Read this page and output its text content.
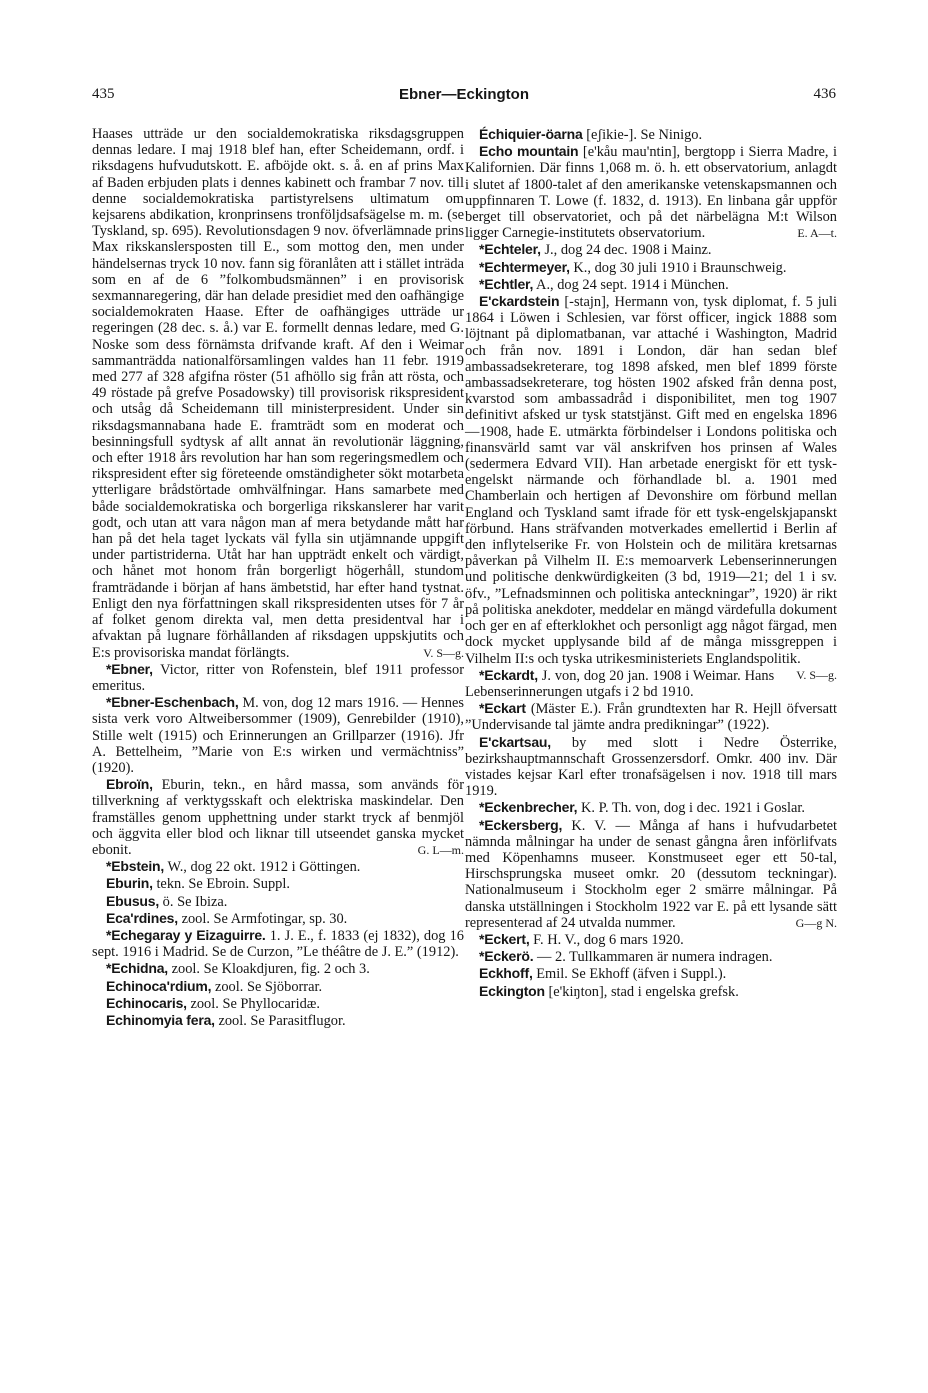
435	Ebner—Eckington	436

Haases utträde ur den socialdemokratiska riksdagsgruppen dennas ledare. I maj 1918 blef han, efter Scheidemann, ordf. i riksdagens hufvudutskott. E. afböjde okt. s. å. en af prins Max af Baden erbjuden plats i dennes kabinett och frambar 7 nov. till denne socialdemokratiska partistyrelsens ultimatum om kejsarens abdikation, kronprinsens tronföljdsafsägelse m. m. (se Tyskland, sp. 695). Revolutionsdagen 9 nov. öfverlämnade prins Max rikskanslersposten till E., som mottog den, men under händelsernas tryck 10 nov. fann sig föranlåten att i stället inträda som en af de 6 ”folkombudsmännen” i en provisorisk sexmannaregering, där han delade presidiet med den oafhängige socialdemokraten Haase. Efter de oafhängiges utträde ur regeringen (28 dec. s. å.) var E. formellt dennas ledare, med G. Noske som dess förnämsta drifvande kraft. Af den i Weimar sammanträdda nationalförsamlingen valdes han 11 febr. 1919 med 277 af 328 afgifna röster (51 afhöllo sig från att rösta, och 49 röstade på grefve Posadowsky) till provisorisk rikspresident och utsåg då Scheidemann till ministerpresident. Under sin riksdagsmannabana hade E. framträdt som en moderat och besinningsfull sydtysk af allt annat än revolutionär läggning, och efter 1918 års revolution har han som regeringsmedlem och rikspresident efter sig företeende omständigheter sökt motarbeta ytterligare brådstörtade omhvälfningar. Hans samarbete med både socialdemokratiska och borgerliga rikskanslerer har varit godt, och utan att vara någon man af mera betydande mått har han på det hela taget lyckats väl fylla sin utjämnande uppgift under partistriderna. Utåt har han uppträdt enkelt och värdigt, och hånet mot honom från borgerligt högerhåll, stundom framträdande i början af hans ämbetstid, har efter hand tystnat. Enligt den nya författningen skall rikspresidenten utses för 7 år af folket genom direkta val, men detta presidentval har i afvaktan på lugnare förhållanden af riksdagen uppskjutits och E:s provisoriska mandat förlängts.	V. S—g.

*Ebner, Victor, ritter von Rofenstein, blef 1911 professor emeritus.

*Ebner-Eschenbach, M. von, dog 12 mars 1916. — Hennes sista verk voro Altweibersommer (1909), Genrebilder (1910), Stille welt (1915) och Erinnerungen an Grillparzer (1916). Jfr A. Bettelheim, ”Marie von E:s wirken und vermächtniss” (1920).

Ebroïn, Eburin, tekn., en hård massa, som används för tillverkning af verktygsskaft och elektriska maskindelar. Den framställes genom upphettning under starkt tryck af benmjöl och äggvita eller blod och liknar till utseendet ganska mycket ebonit.	G. L—m.

*Ebstein, W., dog 22 okt. 1912 i Göttingen.

Eburin, tekn. Se Ebroin. Suppl.

Ebusus, ö. Se Ibiza.

Eca'rdines, zool. Se Armfotingar, sp. 30.

*Echegaray y Eizaguirre. 1. J. E., f. 1833 (ej 1832), dog 16 sept. 1916 i Madrid. Se de Curzon, ”Le théâtre de J. E.” (1912).

*Echidna, zool. Se Kloakdjuren, fig. 2 och 3.

Echinoca'rdium, zool. Se Sjöborrar.

Echinocaris, zool. Se Phyllocaridæ.

Echinomyia fera, zool. Se Parasitflugor.

Échiquier-öarna [eʃikie-]. Se Ninigo.

Echo mountain [e'kåu mau'ntin], bergtopp i Sierra Madre, i Kalifornien. Där finns 1,068 m. ö. h. ett observatorium, anlagdt i slutet af 1800-talet af den amerikanske vetenskapsmannen och uppfinnaren T. Lowe (f. 1832, d. 1913). En linbana går uppför berget till observatoriet, och på det närbelägna M:t Wilson ligger Carnegie-institutets observatorium.	E. A—t.

*Echteler, J., dog 24 dec. 1908 i Mainz.

*Echtermeyer, K., dog 30 juli 1910 i Braunschweig.

*Echtler, A., dog 24 sept. 1914 i München.

E'ckardstein [-stajn], Hermann von, tysk diplomat, f. 5 juli 1864 i Löwen i Schlesien, var först officer, ingick 1888 som löjtnant på diplomatbanan, var attaché i Washington, Madrid och från nov. 1891 i London, där han sedan blef ambassadsekreterare, tog 1898 afsked, men blef 1899 förste ambassadsekreterare, tog hösten 1902 afsked från denna post, kvarstod som ambassadråd i disponibilitet, men tog 1907 definitivt afsked ur tysk statstjänst. Gift med en engelska 1896—1908, hade E. utmärkta förbindelser i Londons politiska och finansvärld samt var väl anskrifven hos prinsen af Wales (sedermera Edvard VII). Han arbetade energiskt för ett tysk-engelskt närmande och förhandlade bl. a. 1901 med Chamberlain och hertigen af Devonshire om förbund mellan England och Tyskland samt ifrade för ett tysk-engelskjapanskt förbund. Hans sträfvanden motverkades emellertid i Berlin af den inflytelserike Fr. von Holstein och de militära kretsarnas påverkan på Vilhelm II. E:s memoarverk Lebenserinnerungen und politische denkwürdigkeiten (3 bd, 1919—21; del 1 i sv. öfv., ”Lefnadsminnen och politiska anteckningar”, 1920) är rikt på politiska anekdoter, meddelar en mängd värdefulla dokument och ger en af efterklokhet och personligt agg något färgad, men dock mycket upplysande bild af de många missgreppen i Vilhelm II:s och tyska utrikesministeriets Englandspolitik.
V. S—g.

*Eckardt, J. von, dog 20 jan. 1908 i Weimar. Hans Lebenserinnerungen utgafs i 2 bd 1910.

*Eckart (Mäster E.). Från grundtexten har R. Hejll öfversatt ”Undervisande tal jämte andra predikningar” (1922).

E'ckartsau, by med slott i Nedre Österrike, bezirkshauptmannschaft Grossenzersdorf. Omkr. 400 inv. Där vistades kejsar Karl efter tronafsägelsen i nov. 1918 till mars 1919.

*Eckenbrecher, K. P. Th. von, dog i dec. 1921 i Goslar.

*Eckersberg, K. V. — Många af hans i hufvudarbetet nämnda målningar ha under de senast gångna åren införlifvats med Köpenhamns museer. Konstmuseet eger ett 50-tal, Hirschsprungska museet omkr. 20 (dessutom teckningar). Nationalmuseum i Stockholm eger 2 smärre målningar. På danska utställningen i Stockholm 1922 var E. på ett lysande sätt representerad af 24 utvalda nummer.	G—g N.

*Eckert, F. H. V., dog 6 mars 1920.

*Eckerö. — 2. Tullkammaren är numera indragen.

Eckhoff, Emil. Se Ekhoff (äfven i Suppl.).

Eckington [e'kiŋton], stad i engelska grefsk.
